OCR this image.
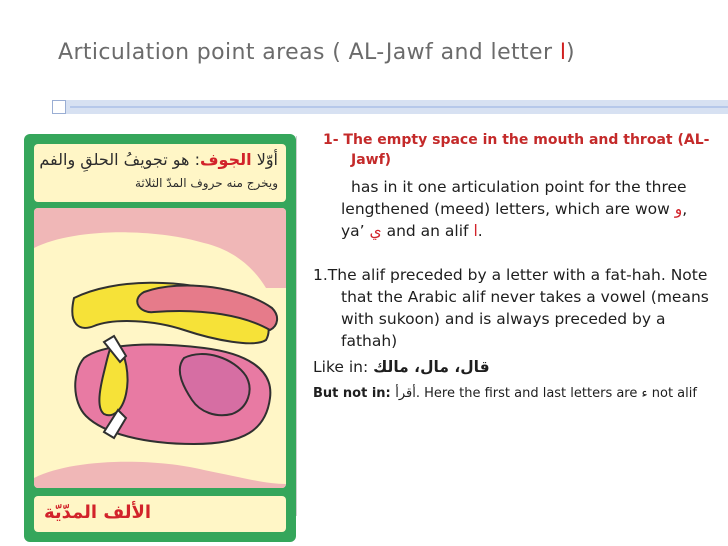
Articulation point areas ( AL-Jawf and letter ا)
أوّلا الجوف: هو تجويفُ الحلقِ والفم
ويخرج منه حروف المدّ الثلاثة
الألف المدّيّة

1- The empty space in the mouth and throat (AL-Jawf)

has in it one articulation point for the three lengthened (meed) letters, which are wow و, ya’ ي and an alif ا.

1.The alif preceded by a letter with a fat-hah. Note that the Arabic alif never takes a vowel (means with sukoon) and is always preceded by a fathah)

Like in: قال، مال، مالك

But not in: أقرأ. Here the first and last letters are ء not alif
